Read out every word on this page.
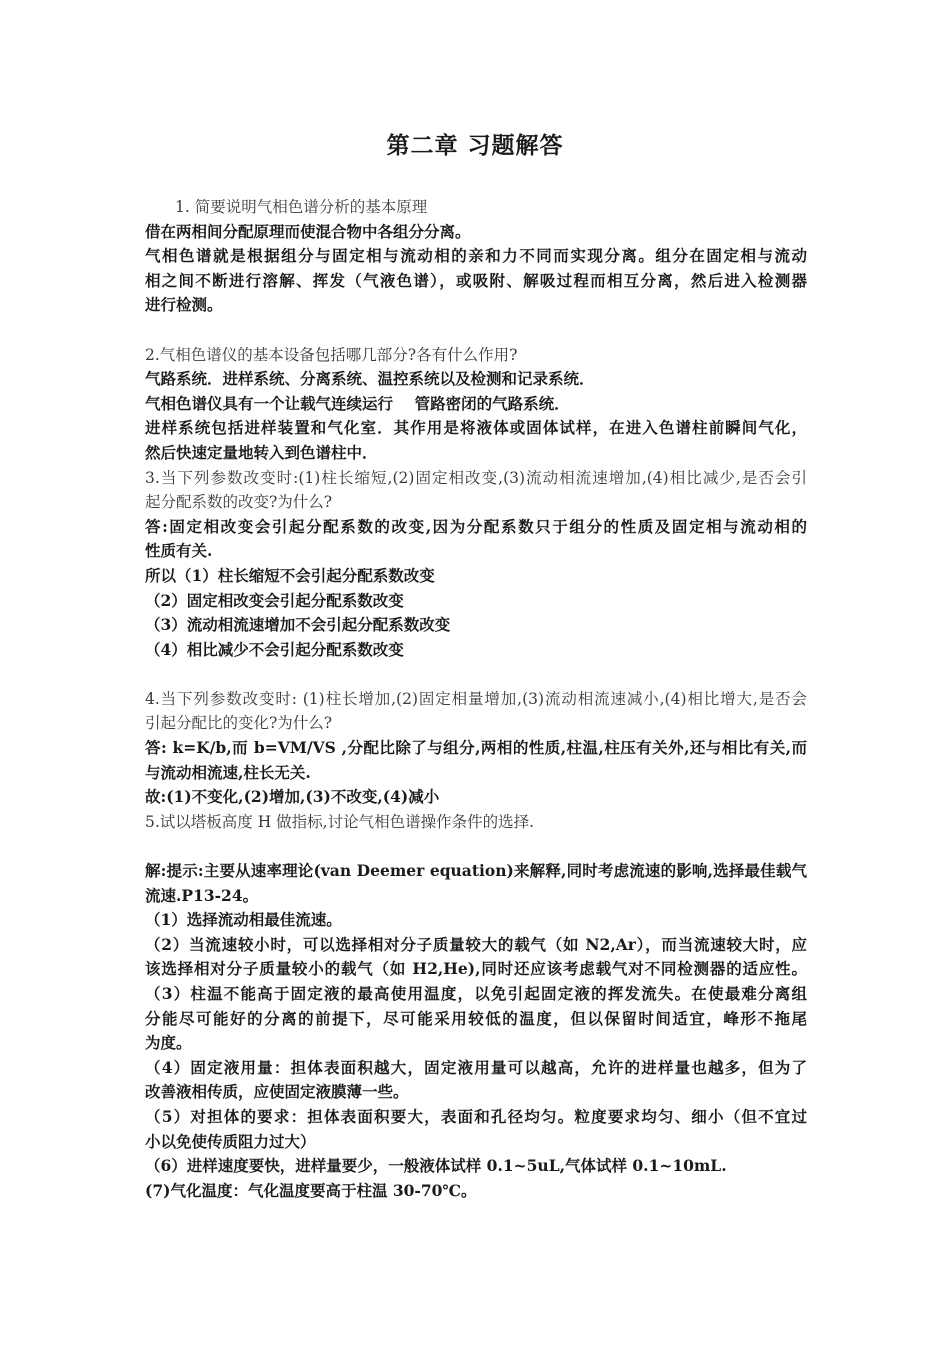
第二章 习题解答
1. 简要说明气相色谱分析的基本原理
借在两相间分配原理而使混合物中各组分分离。
气相色谱就是根据组分与固定相与流动相的亲和力不同而实现分离。组分在固定相与流动
相之间不断进行溶解、挥发（气液色谱），或吸附、解吸过程而相互分离，然后进入检测器
进行检测。
2.气相色谱仪的基本设备包括哪几部分?各有什么作用?
气路系统．进样系统、分离系统、温控系统以及检测和记录系统．
气相色谱仪具有一个让载气连续运行    管路密闭的气路系统．
进样系统包括进样装置和气化室．其作用是将液体或固体试样，在进入色谱柱前瞬间气化，
然后快速定量地转入到色谱柱中．
3.当下列参数改变时:(1)柱长缩短,(2)固定相改变,(3)流动相流速增加,(4)相比减少,是否会引
起分配系数的改变?为什么?
答:固定相改变会引起分配系数的改变,因为分配系数只于组分的性质及固定相与流动相的
性质有关.
所以（1）柱长缩短不会引起分配系数改变
（2）固定相改变会引起分配系数改变
（3）流动相流速增加不会引起分配系数改变
（4）相比减少不会引起分配系数改变
4.当下列参数改变时: (1)柱长增加,(2)固定相量增加,(3)流动相流速减小,(4)相比增大,是否会
引起分配比的变化?为什么?
答: k=K/b,而 b=VM/VS ,分配比除了与组分,两相的性质,柱温,柱压有关外,还与相比有关,而
与流动相流速,柱长无关.
故:(1)不变化,(2)增加,(3)不改变,(4)减小
5.试以塔板高度 H 做指标,讨论气相色谱操作条件的选择.
解:提示:主要从速率理论(van Deemer equation)来解释,同时考虑流速的影响,选择最佳载气
流速.P13-24。
（1）选择流动相最佳流速。
（2）当流速较小时，可以选择相对分子质量较大的载气（如 N2,Ar），而当流速较大时，应
该选择相对分子质量较小的载气（如 H2,He),同时还应该考虑载气对不同检测器的适应性。
（3）柱温不能高于固定液的最高使用温度，以免引起固定液的挥发流失。在使最难分离组
分能尽可能好的分离的前提下，尽可能采用较低的温度，但以保留时间适宜，峰形不拖尾
为度。
（4）固定液用量：担体表面积越大，固定液用量可以越高，允许的进样量也越多，但为了
改善液相传质，应使固定液膜薄一些。
（5）对担体的要求：担体表面积要大，表面和孔径均匀。粒度要求均匀、细小（但不宜过
小以免使传质阻力过大）
（6）进样速度要快，进样量要少，一般液体试样 0.1~5uL,气体试样 0.1~10mL.
(7)气化温度：气化温度要高于柱温 30-70℃。
